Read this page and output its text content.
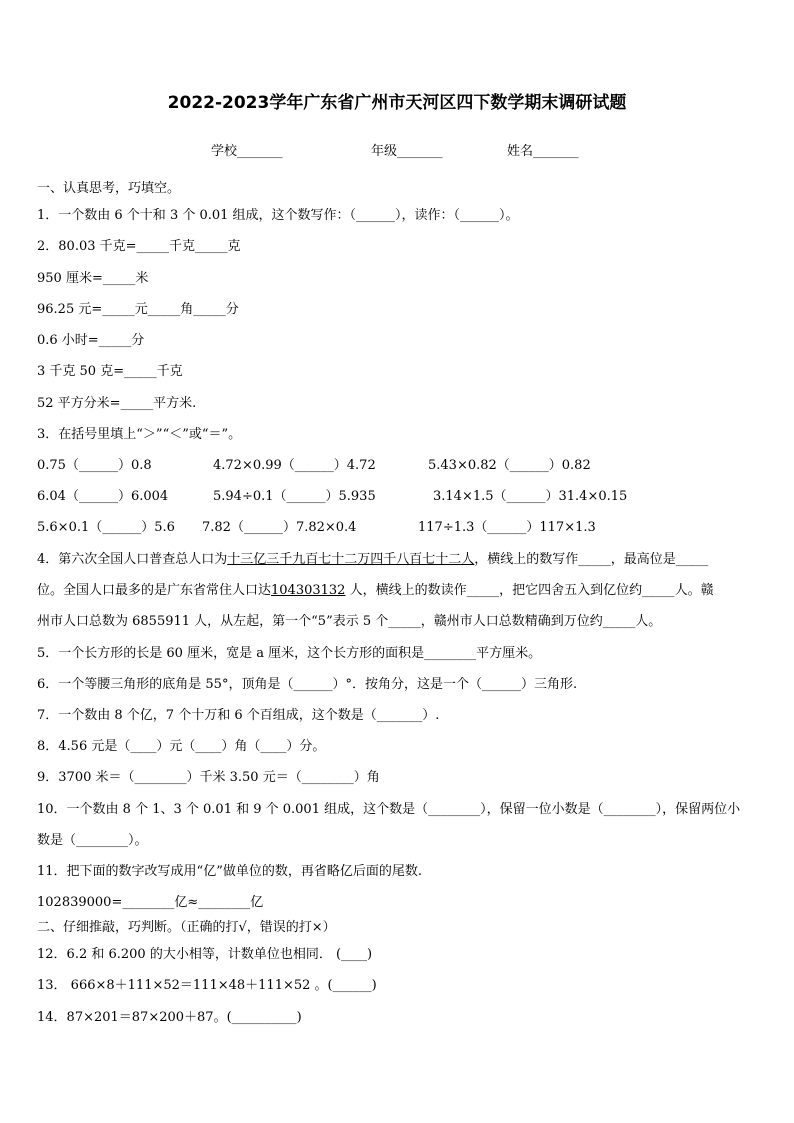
2022-2023学年广东省广州市天河区四下数学期末调研试题
学校_______	年级_______	姓名_______
一、认真思考，巧填空。
1．一个数由 6 个十和 3 个 0.01 组成，这个数写作：（______），读作：（______）。
2．80.03 千克=_____千克_____克
950 厘米=_____米
96.25 元=_____元_____角_____分
0.6 小时=_____分
3 千克 50 克=_____千克
52 平方分米=_____平方米.
3．在括号里填上“＞”“＜”或“＝”。
0.75（______）0.8	4.72×0.99（______）4.72	5.43×0.82（______）0.82
6.04（______）6.004	5.94÷0.1（______）5.935	3.14×1.5（______）31.4×0.15
5.6×0.1（______）5.6 7.82（______）7.82×0.4	117÷1.3（______）117×1.3
4．第六次全国人口普查总人口为十三亿三千九百七十二万四千八百七十二人，横线上的数写作_____，最高位是_____
位。全国人口最多的是广东省常住人口达104303132 人，横线上的数读作_____，把它四舍五入到亿位约_____人。赣
州市人口总数为 6855911 人，从左起，第一个“5”表示 5 个_____，赣州市人口总数精确到万位约_____人。
5．一个长方形的长是 60 厘米，宽是 a 厘米，这个长方形的面积是________平方厘米。
6．一个等腰三角形的底角是 55°，顶角是（______）°．按角分，这是一个（______）三角形.
7．一个数由 8 个亿，7 个十万和 6 个百组成，这个数是（_______）.
8．4.56 元是（____）元（____）角（____）分。
9．3700 米＝（________）千米 3.50 元＝（________）角
10．一个数由 8 个 1、3 个 0.01 和 9 个 0.001 组成，这个数是（________），保留一位小数是（________），保留两位小
数是（________）。
11．把下面的数字改写成用“亿”做单位的数，再省略亿后面的尾数.
102839000=________亿≈________亿
二、仔细推敲，巧判断。（正确的打√，错误的打×）
12．6.2 和 6.200 的大小相等，计数单位也相同． (____)
13． 666×8＋111×52＝111×48＋111×52 。(______)
14．87×201＝87×200＋87。(__________)
